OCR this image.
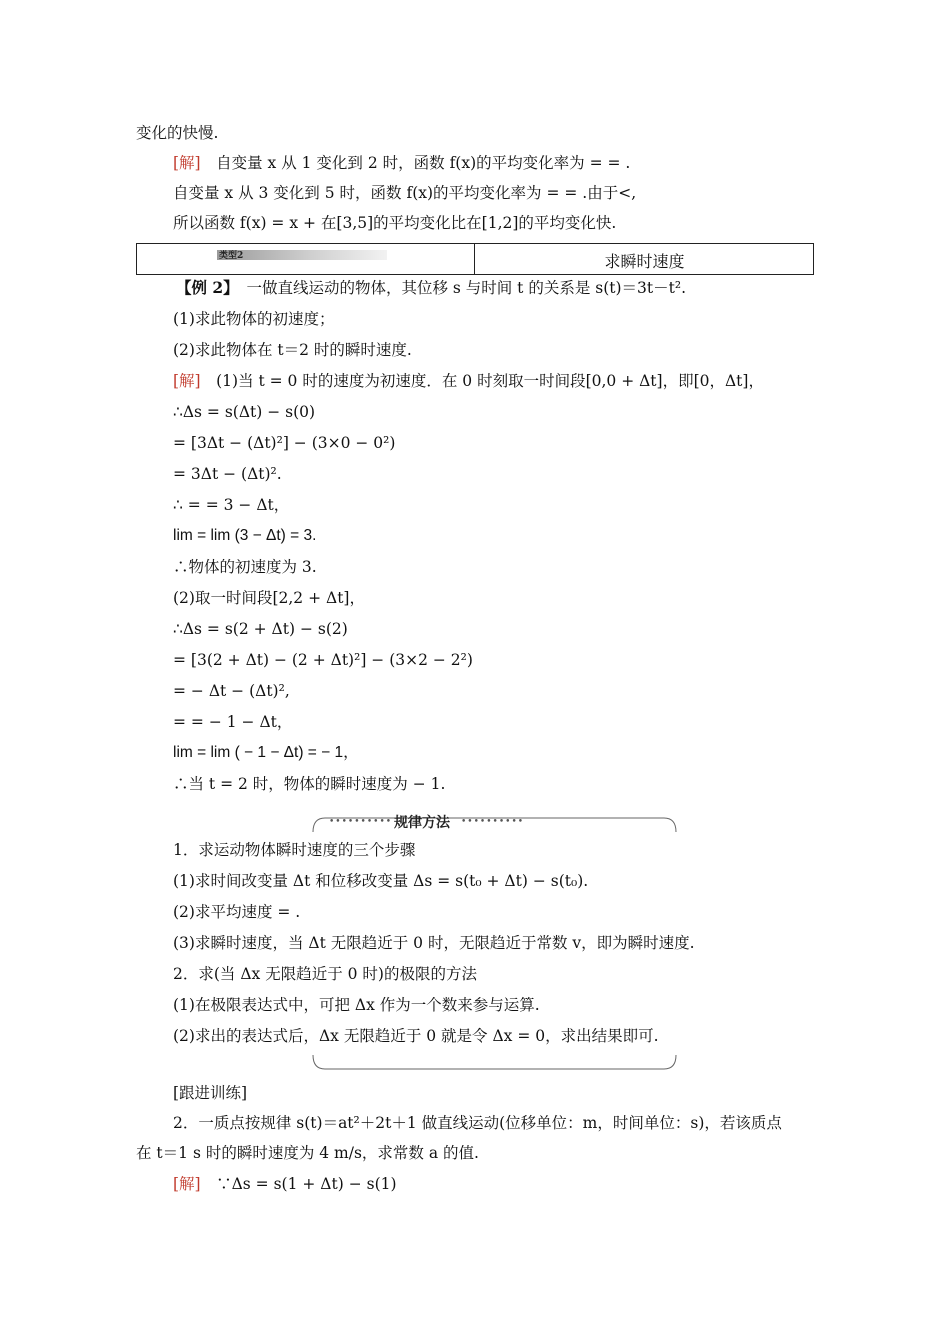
变化的快慢.
[解]　自变量 x 从 1 变化到 2 时，函数 f(x)的平均变化率为 = = .
自变量 x 从 3 变化到 5 时，函数 f(x)的平均变化率为 = = .由于<,
所以函数 f(x) = x + 在[3,5]的平均变化比在[1,2]的平均变化快.
类型2	求瞬时速度
【例 2】　一做直线运动的物体，其位移 s 与时间 t 的关系是 s(t)＝3t－t².
(1)求此物体的初速度；
(2)求此物体在 t＝2 时的瞬时速度.
[解]　(1)当 t = 0 时的速度为初速度．在 0 时刻取一时间段[0,0 + Δt]，即[0，Δt]，
∴Δs = s(Δt) − s(0)
= [3Δt − (Δt)²] − (3×0 − 0²)
= 3Δt − (Δt)².
∴ = = 3 − Δt，
lim = lim (3 − Δt) = 3.
∴物体的初速度为 3.
(2)取一时间段[2,2 + Δt]，
∴Δs = s(2 + Δt) − s(2)
= [3(2 + Δt) − (2 + Δt)²] − (3×2 − 2²)
= − Δt − (Δt)²,
= = − 1 − Δt，
lim = lim ( − 1 − Δt) = − 1，
∴当 t = 2 时，物体的瞬时速度为 − 1.
•••••••••• 规律方法 ••••••••••
1．求运动物体瞬时速度的三个步骤
(1)求时间改变量 Δt 和位移改变量 Δs = s(t₀ + Δt) − s(t₀).
(2)求平均速度 = .
(3)求瞬时速度，当 Δt 无限趋近于 0 时，无限趋近于常数 v，即为瞬时速度.
2．求(当 Δx 无限趋近于 0 时)的极限的方法
(1)在极限表达式中，可把 Δx 作为一个数来参与运算.
(2)求出的表达式后，Δx 无限趋近于 0 就是令 Δx = 0，求出结果即可.
[跟进训练]
2．一质点按规律 s(t)＝at²＋2t＋1 做直线运动(位移单位：m，时间单位：s)，若该质点
在 t＝1 s 时的瞬时速度为 4 m/s，求常数 a 的值.
[解]　∵Δs = s(1 + Δt) − s(1)
